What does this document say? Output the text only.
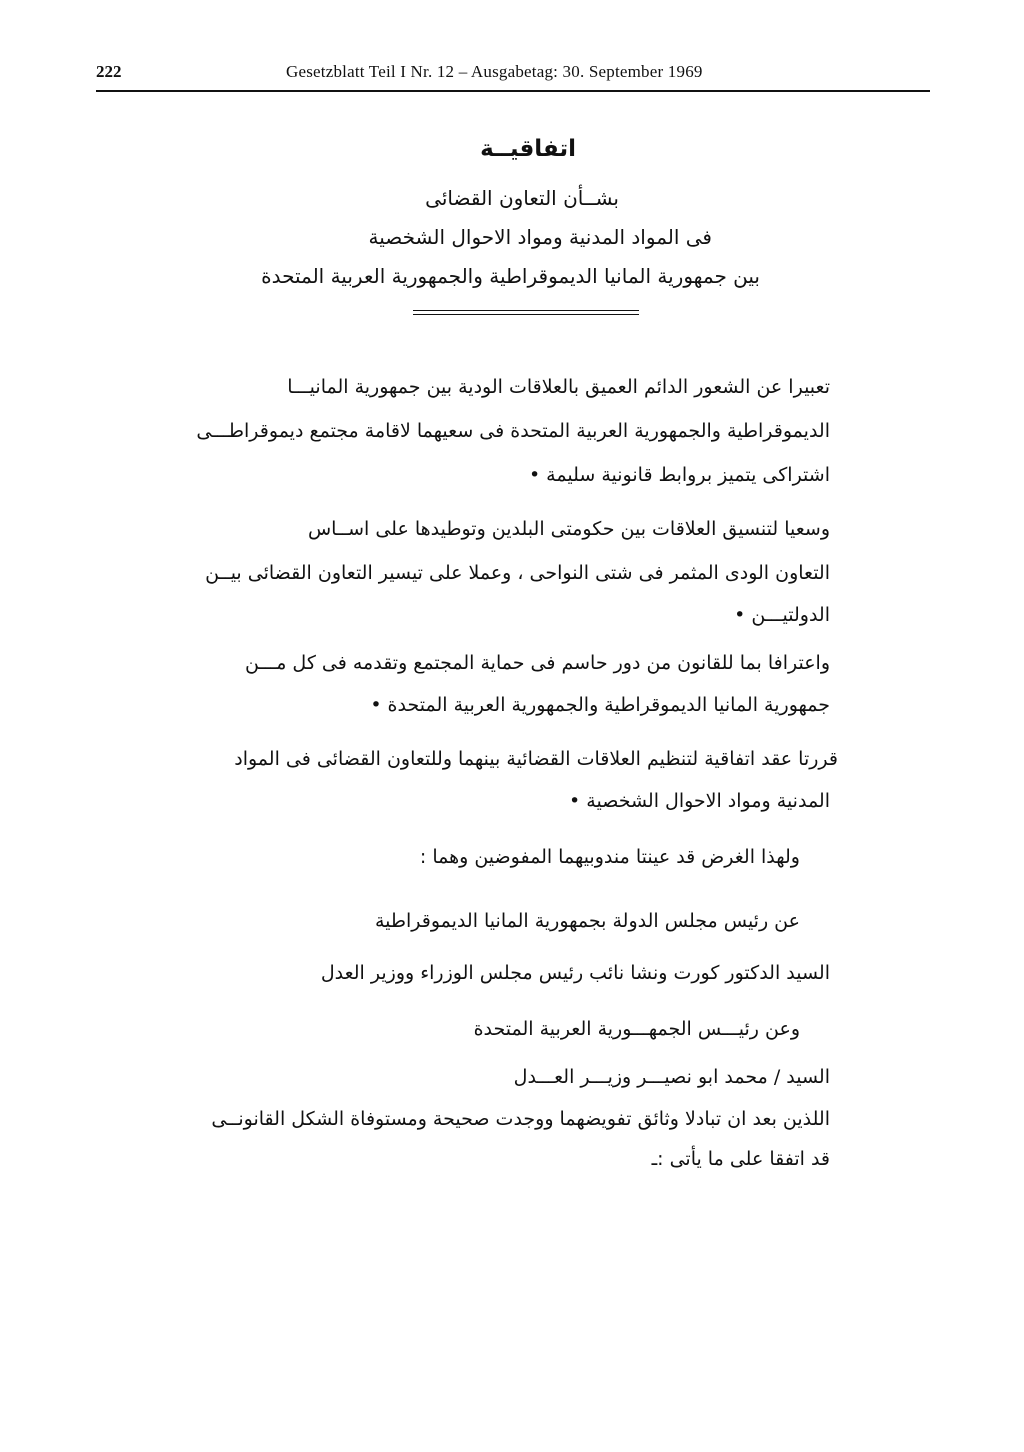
222	Gesetzblatt Teil I Nr. 12 – Ausgabetag: 30. September 1969
اتفاقيــة
بشــأن التعاون القضائى
فى المواد المدنية ومواد الاحوال الشخصية
بين جمهورية المانيا الديموقراطية والجمهورية العربية المتحدة
تعبيرا عن الشعور الدائم العميق بالعلاقات الودية بين جمهورية المانيـــا
الديموقراطية والجمهورية العربية المتحدة فى سعيهما لاقامة مجتمع ديموقراطـــى
اشتراكى يتميز بروابط قانونية سليمة •
وسعيا لتنسيق العلاقات بين حكومتى البلدين وتوطيدها على اســاس
التعاون الودى المثمر فى شتى النواحى ، وعملا على تيسير التعاون القضائى بيــن
الدولتيـــن •
واعترافا بما للقانون من دور حاسم فى حماية المجتمع وتقدمه فى كل مـــن
جمهورية المانيا الديموقراطية والجمهورية العربية المتحدة •
قررتا عقد اتفاقية لتنظيم العلاقات القضائية بينهما وللتعاون القضائى فى المواد
المدنية ومواد الاحوال الشخصية •
ولهذا الغرض قد عينتا مندوبيهما المفوضين وهما :
عن رئيس مجلس الدولة بجمهورية المانيا الديموقراطية
السيد الدكتور كورت ونشا نائب رئيس مجلس الوزراء ووزير العدل
وعن رئيـــس الجمهـــورية العربية المتحدة
السيد / محمد ابو نصيـــر وزيـــر العـــدل
اللذين بعد ان تبادلا وثائق تفويضهما ووجدت صحيحة ومستوفاة الشكل القانونــى
قد اتفقا على ما يأتى :ـ
